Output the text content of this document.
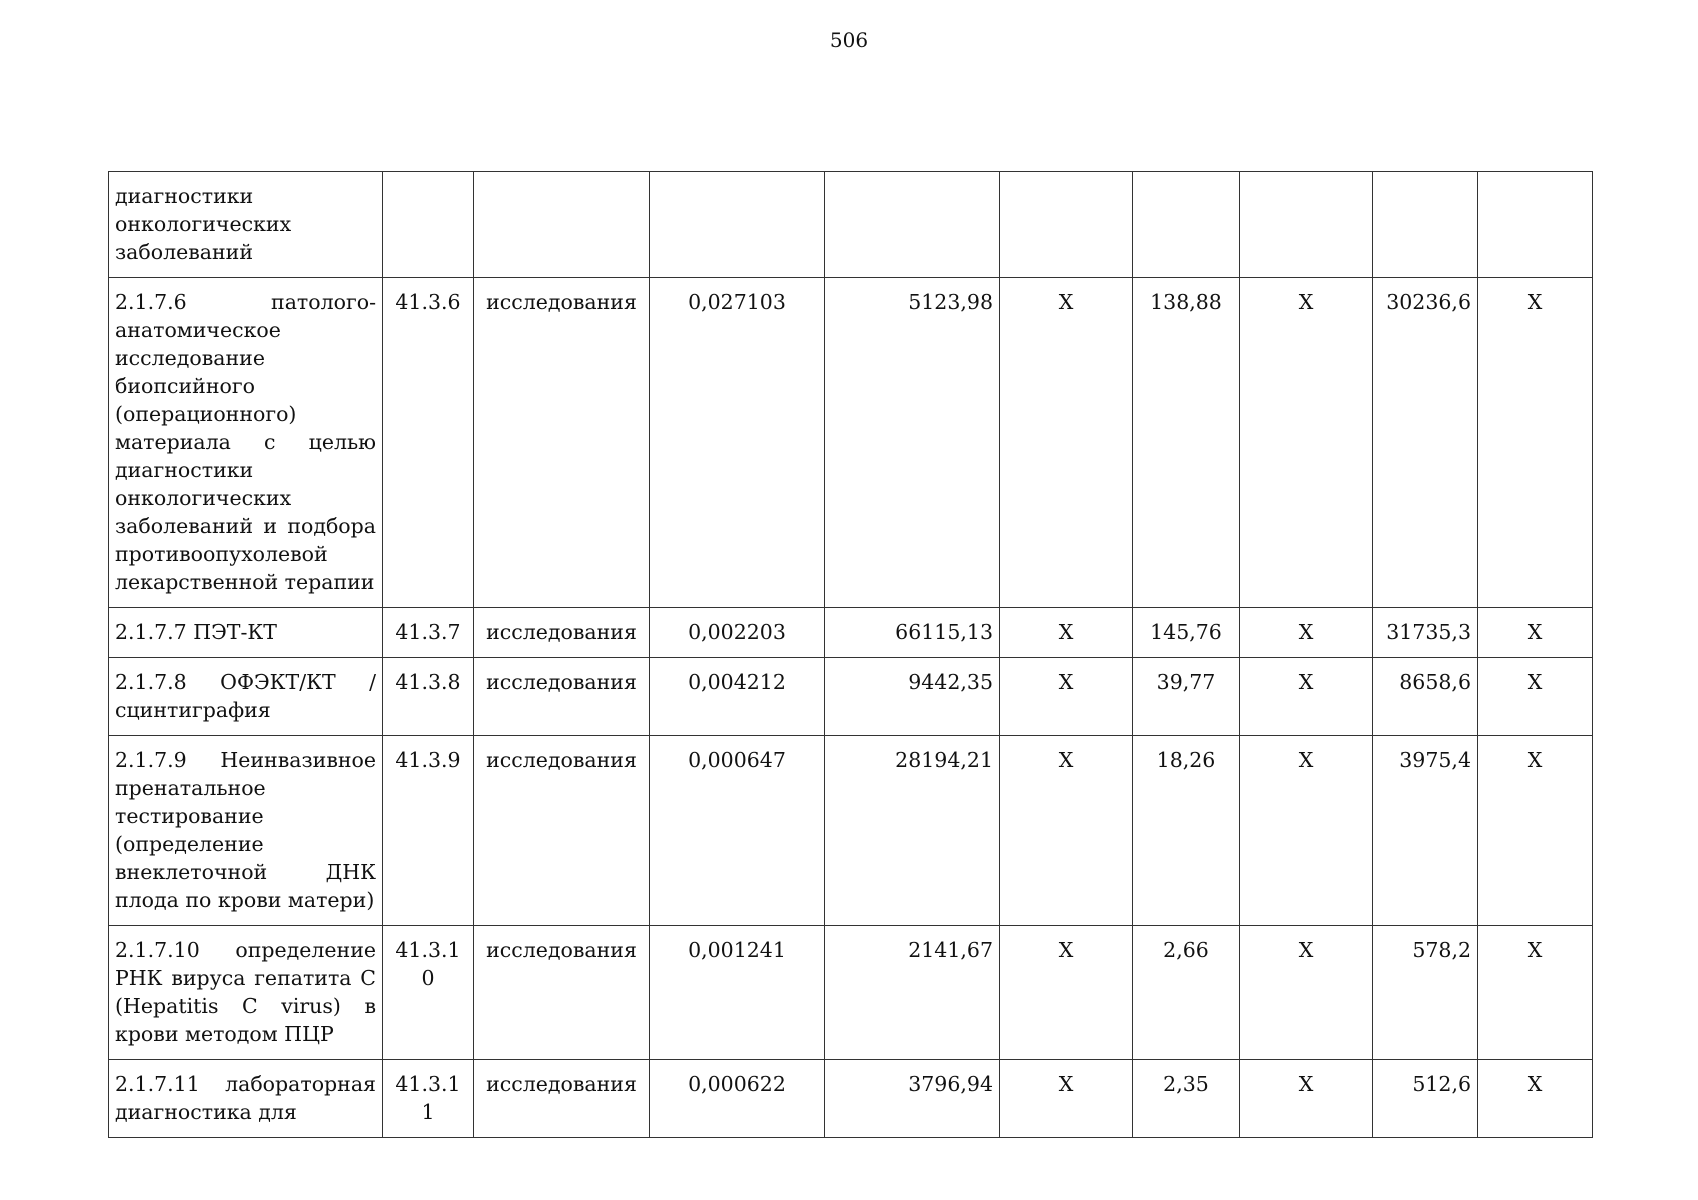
506
диагностики онкологических заболеваний									
2.1.7.6 патолого-анатомическое исследование биопсийного (операционного) материала с целью диагностики онкологических заболеваний и подбора противоопухолевой лекарственной терапии	41.3.6	исследования	0,027103	5123,98	Х	138,88	Х	30236,6	Х
2.1.7.7 ПЭТ-КТ	41.3.7	исследования	0,002203	66115,13	Х	145,76	Х	31735,3	Х
2.1.7.8 ОФЭКТ/КТ /сцинтиграфия	41.3.8	исследования	0,004212	9442,35	Х	39,77	Х	8658,6	Х
2.1.7.9 Неинвазивное пренатальное тестирование (определение внеклеточной ДНК плода по крови матери)	41.3.9	исследования	0,000647	28194,21	Х	18,26	Х	3975,4	Х
2.1.7.10 определение РНК вируса гепатита С (Hepatitis C virus) в крови методом ПЦР	41.3.10	исследования	0,001241	2141,67	Х	2,66	Х	578,2	Х
2.1.7.11 лабораторная диагностика для	41.3.11	исследования	0,000622	3796,94	Х	2,35	Х	512,6	Х
